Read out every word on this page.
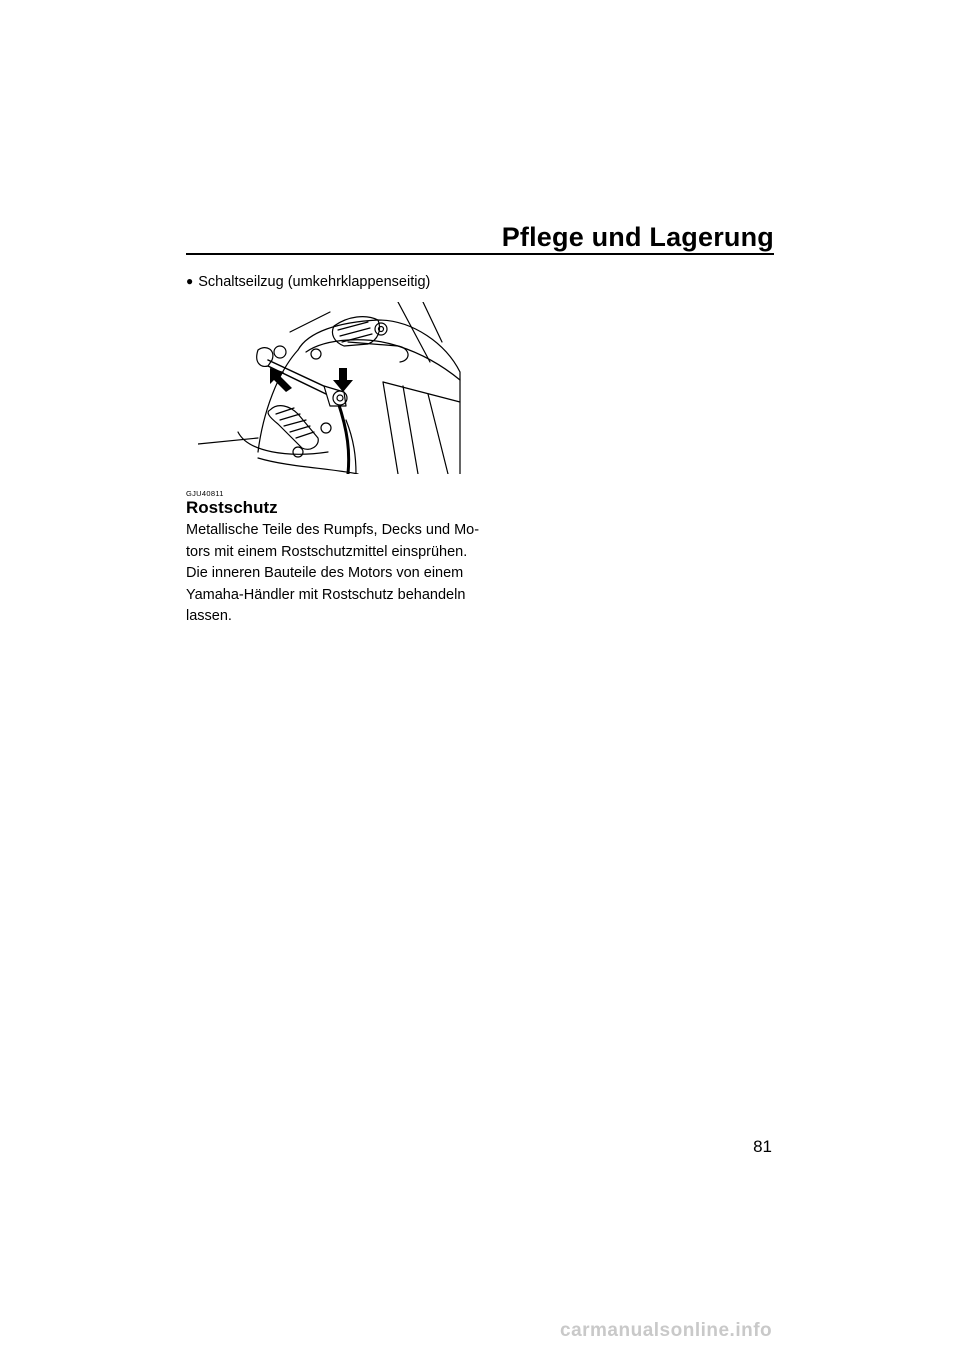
Pflege und Lagerung
● Schaltseilzug (umkehrklappenseitig)
GJU40811
Rostschutz
Metallische Teile des Rumpfs, Decks und Mo-
tors mit einem Rostschutzmittel einsprühen.
Die inneren Bauteile des Motors von einem
Yamaha-Händler mit Rostschutz behandeln
lassen.
81
carmanualsonline.info
